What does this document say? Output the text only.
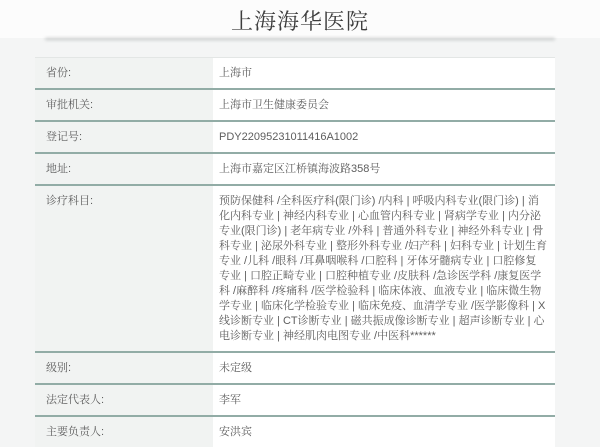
上海海华医院
省份:	上海市
审批机关:	上海市卫生健康委员会
登记号:	PDY22095231011416A1002
地址:	上海市嘉定区江桥镇海波路358号
诊疗科目:	预防保健科 /全科医疗科(限门诊) /内科 | 呼吸内科专业(限门诊) | 消化内科专业 | 神经内科专业 | 心血管内科专业 | 肾病学专业 | 内分泌专业(限门诊) | 老年病专业 /外科 | 普通外科专业 | 神经外科专业 | 骨科专业 | 泌尿外科专业 | 整形外科专业 /妇产科 | 妇科专业 | 计划生育专业 /儿科 /眼科 /耳鼻咽喉科 /口腔科 | 牙体牙髓病专业 | 口腔修复专业 | 口腔正畸专业 | 口腔种植专业 /皮肤科 /急诊医学科 /康复医学科 /麻醉科 /疼痛科 /医学检验科 | 临床体液、血液专业 | 临床微生物学专业 | 临床化学检验专业 | 临床免疫、血清学专业 /医学影像科 | X线诊断专业 | CT诊断专业 | 磁共振成像诊断专业 | 超声诊断专业 | 心电诊断专业 | 神经肌肉电图专业 /中医科******
级别:	未定级
法定代表人:	李军
主要负责人:	安洪宾
